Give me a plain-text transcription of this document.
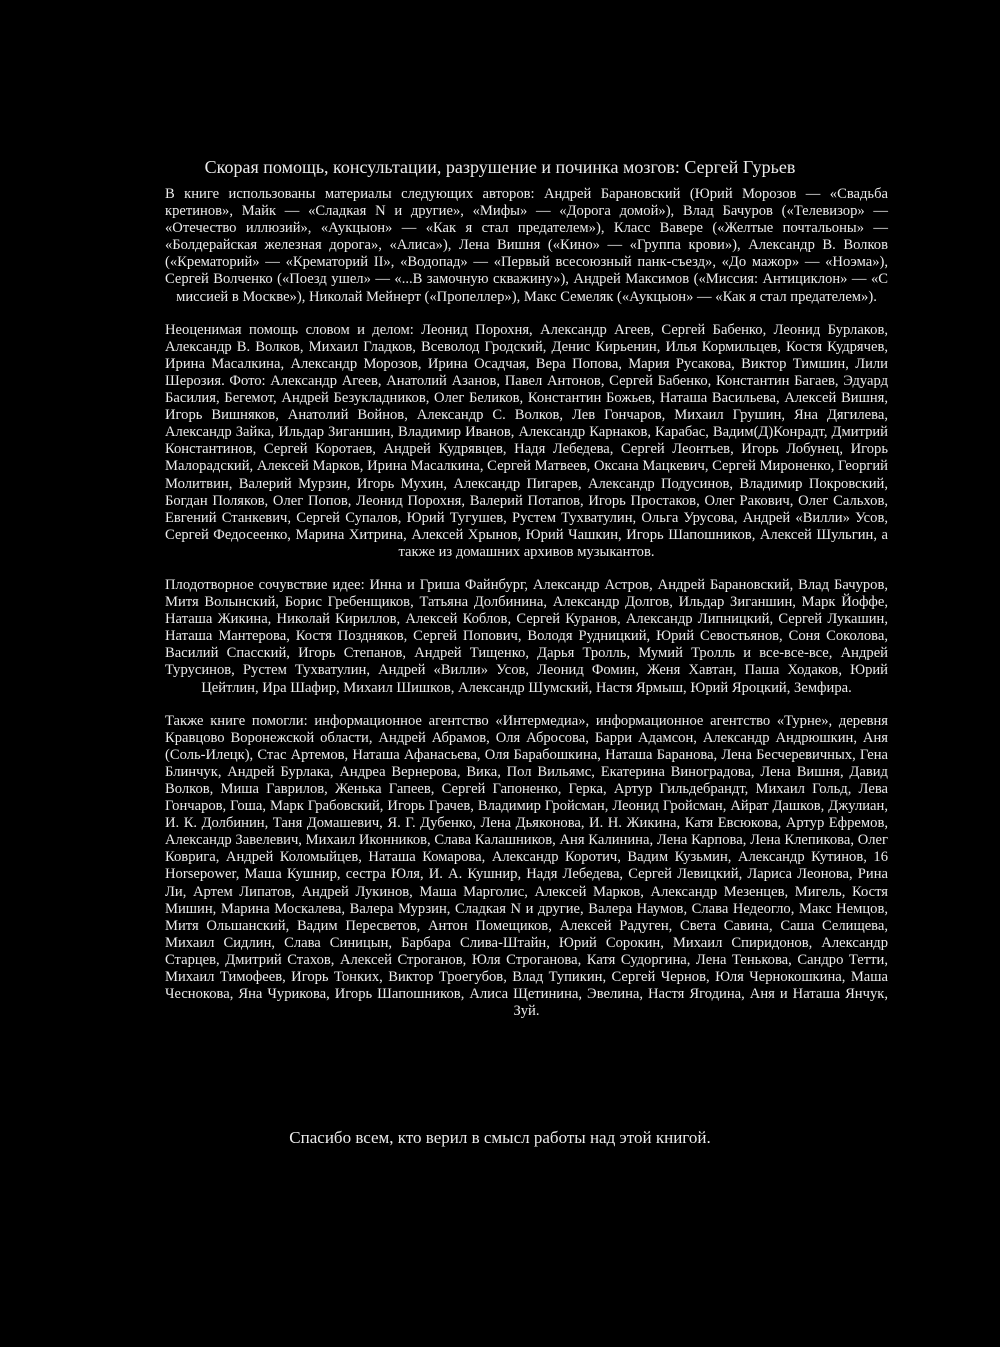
Скорая помощь, консультации, разрушение и починка мозгов: Сергей Гурьев

В книге использованы материалы следующих авторов: Андрей Барановский (Юрий Морозов — «Свадьба кретинов», Майк — «Сладкая N и другие», «Мифы» — «Дорога домой»), Влад Бачуров («Телевизор» — «Отечество иллюзий», «Аукцыон» — «Как я стал предателем»), Класс Вавере («Желтые почтальоны» — «Болдерайская железная дорога», «Алиса»), Лена Вишня («Кино» — «Группа крови»), Александр В. Волков («Крематорий» — «Крематорий II», «Водопад» — «Первый всесоюзный панк-съезд», «До мажор» — «Ноэма»), Сергей Волченко («Поезд ушел» — «...В замочную скважину»), Андрей Максимов («Миссия: Антициклон» — «С миссией в Москве»), Николай Мейнерт («Пропеллер»), Макс Семеляк («Аукцыон» — «Как я стал предателем»).

Неоценимая помощь словом и делом: Леонид Порохня, Александр Агеев, Сергей Бабенко, Леонид Бурлаков, Александр В. Волков, Михаил Гладков, Всеволод Гродский, Денис Кирьенин, Илья Кормильцев, Костя Кудрячев, Ирина Масалкина, Александр Морозов, Ирина Осадчая, Вера Попова, Мария Русакова, Виктор Тимшин, Лили Шерозия. Фото: Александр Агеев, Анатолий Азанов, Павел Антонов, Сергей Бабенко, Константин Багаев, Эдуард Басилия, Бегемот, Андрей Безукладников, Олег Беликов, Константин Божьев, Наташа Васильева, Алексей Вишня, Игорь Вишняков, Анатолий Войнов, Александр С. Волков, Лев Гончаров, Михаил Грушин, Яна Дягилева, Александр Зайка, Ильдар Зиганшин, Владимир Иванов, Александр Карнаков, Карабас, Вадим(Д)Конрадт, Дмитрий Константинов, Сергей Коротаев, Андрей Кудрявцев, Надя Лебедева, Сергей Леонтьев, Игорь Лобунец, Игорь Малорадский, Алексей Марков, Ирина Масалкина, Сергей Матвеев, Оксана Мацкевич, Сергей Мироненко, Георгий Молитвин, Валерий Мурзин, Игорь Мухин, Александр Пигарев, Александр Подусинов, Владимир Покровский, Богдан Поляков, Олег Попов, Леонид Порохня, Валерий Потапов, Игорь Простаков, Олег Ракович, Олег Сальхов, Евгений Станкевич, Сергей Супалов, Юрий Тугушев, Рустем Тухватулин, Ольга Урусова, Андрей «Вилли» Усов, Сергей Федосеенко, Марина Хитрина, Алексей Хрынов, Юрий Чашкин, Игорь Шапошников, Алексей Шульгин, а также из домашних архивов музыкантов.

Плодотворное сочувствие идее: Инна и Гриша Файнбург, Александр Астров, Андрей Барановский, Влад Бачуров, Митя Волынский, Борис Гребенщиков, Татьяна Долбинина, Александр Долгов, Ильдар Зиганшин, Марк Йоффе, Наташа Жикина, Николай Кириллов, Алексей Коблов, Сергей Куранов, Александр Липницкий, Сергей Лукашин, Наташа Мантерова, Костя Поздняков, Сергей Попович, Володя Рудницкий, Юрий Севостьянов, Соня Соколова, Василий Спасский, Игорь Степанов, Андрей Тищенко, Дарья Тролль, Мумий Тролль и все-все-все, Андрей Турусинов, Рустем Тухватулин, Андрей «Вилли» Усов, Леонид Фомин, Женя Хавтан, Паша Ходаков, Юрий Цейтлин, Ира Шафир, Михаил Шишков, Александр Шумский, Настя Ярмыш, Юрий Яроцкий, Земфира.

Также книге помогли: информационное агентство «Интермедиа», информационное агентство «Турне», деревня Кравцово Воронежской области, Андрей Абрамов, Оля Абросова, Барри Адамсон, Александр Андрюшкин, Аня (Соль-Илецк), Стас Артемов, Наташа Афанасьева, Оля Барабошкина, Наташа Баранова, Лена Бесчеревичных, Гена Блинчук, Андрей Бурлака, Андреа Вернерова, Вика, Пол Вильямс, Екатерина Виноградова, Лена Вишня, Давид Волков, Миша Гаврилов, Женька Гапеев, Сергей Гапоненко, Герка, Артур Гильдебрандт, Михаил Гольд, Лева Гончаров, Гоша, Марк Грабовский, Игорь Грачев, Владимир Гройсман, Леонид Гройсман, Айрат Дашков, Джулиан, И. К. Долбинин, Таня Домашевич, Я. Г. Дубенко, Лена Дьяконова, И. Н. Жикина, Катя Евсюкова, Артур Ефремов, Александр Завелевич, Михаил Иконников, Слава Калашников, Аня Калинина, Лена Карпова, Лена Клепикова, Олег Коврига, Андрей Коломыйцев, Наташа Комарова, Александр Коротич, Вадим Кузьмин, Александр Кутинов, 16 Horsepower, Маша Кушнир, сестра Юля, И. А. Кушнир, Надя Лебедева, Сергей Левицкий, Лариса Леонова, Рина Ли, Артем Липатов, Андрей Лукинов, Маша Марголис, Алексей Марков, Александр Мезенцев, Мигель, Костя Мишин, Марина Москалева, Валера Мурзин, Сладкая N и другие, Валера Наумов, Слава Недеогло, Макс Немцов, Митя Ольшанский, Вадим Пересветов, Антон Помещиков, Алексей Радуген, Света Савина, Саша Селищева, Михаил Сидлин, Слава Синицын, Барбара Слива-Штайн, Юрий Сорокин, Михаил Спиридонов, Александр Старцев, Дмитрий Стахов, Алексей Строганов, Юля Строганова, Катя Судоргина, Лена Тенькова, Сандро Тетти, Михаил Тимофеев, Игорь Тонких, Виктор Троегубов, Влад Тупикин, Сергей Чернов, Юля Чернокошкина, Маша Чеснокова, Яна Чурикова, Игорь Шапошников, Алиса Щетинина, Эвелина, Настя Ягодина, Аня и Наташа Янчук, Зуй.

Спасибо всем, кто верил в смысл работы над этой книгой.
